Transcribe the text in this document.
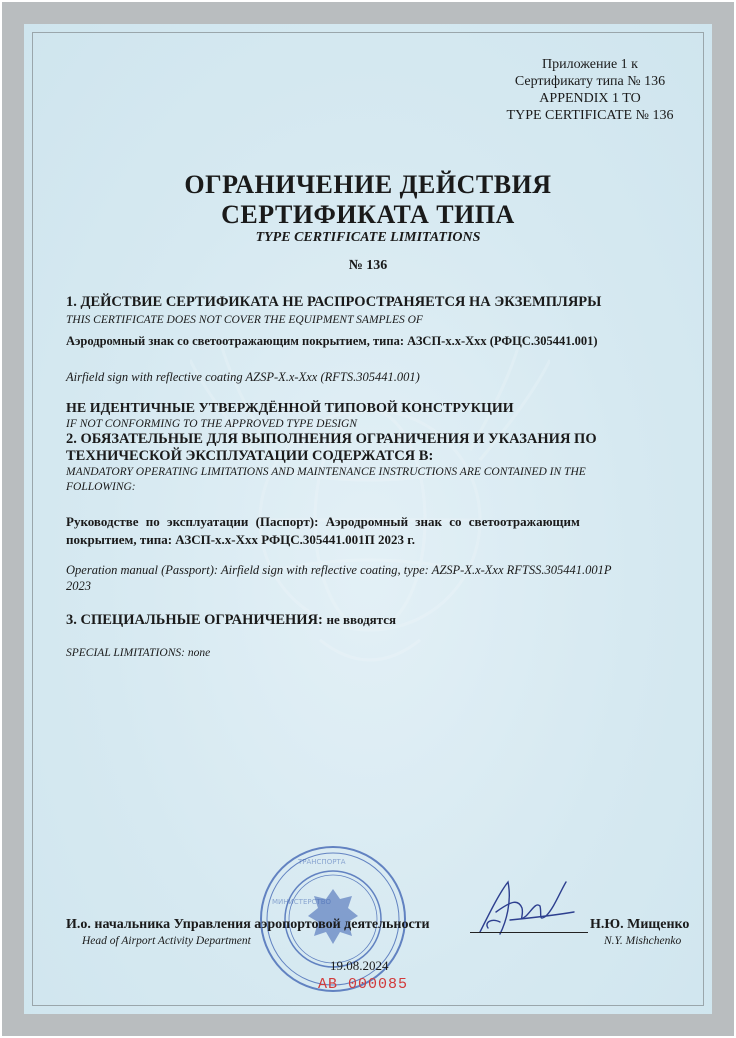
Приложение 1 к
Сертификату типа № 136
APPENDIX 1 TO
TYPE CERTIFICATE № 136
ОГРАНИЧЕНИЕ ДЕЙСТВИЯ
СЕРТИФИКАТА ТИПА
TYPE CERTIFICATE LIMITATIONS
№ 136
1. ДЕЙСТВИЕ СЕРТИФИКАТА НЕ РАСПРОСТРАНЯЕТСЯ НА ЭКЗЕМПЛЯРЫ
THIS CERTIFICATE DOES NOT COVER THE EQUIPMENT SAMPLES OF
Аэродромный знак со светоотражающим покрытием, типа: АЗСП-х.х-Ххх (РФЦС.305441.001)
Airfield sign with reflective coating AZSP-X.x-Xxx (RFTS.305441.001)
НЕ ИДЕНТИЧНЫЕ УТВЕРЖДЁННОЙ ТИПОВОЙ КОНСТРУКЦИИ
IF NOT CONFORMING TO THE APPROVED TYPE DESIGN
2. ОБЯЗАТЕЛЬНЫЕ ДЛЯ ВЫПОЛНЕНИЯ ОГРАНИЧЕНИЯ И УКАЗАНИЯ ПО
ТЕХНИЧЕСКОЙ ЭКСПЛУАТАЦИИ СОДЕРЖАТСЯ В:
MANDATORY OPERATING LIMITATIONS AND MAINTENANCE INSTRUCTIONS ARE CONTAINED IN THE
FOLLOWING:
Руководстве по эксплуатации (Паспорт): Аэродромный знак со светоотражающим
покрытием, типа: АЗСП-х.х-Ххх РФЦС.305441.001П 2023 г.
Operation manual (Passport): Airfield sign with reflective coating, type: AZSP-X.x-Xxx RFTSS.305441.001P
2023
3. СПЕЦИАЛЬНЫЕ ОГРАНИЧЕНИЯ: не вводятся
SPECIAL LIMITATIONS: none
ТРАНСПОРТА
МИНИСТЕРСТВО
И.о. начальника Управления аэропортовой деятельности
Head of Airport Activity Department
Н.Ю. Мищенко
N.Y. Mishchenko
19.08.2024
АВ 000085
